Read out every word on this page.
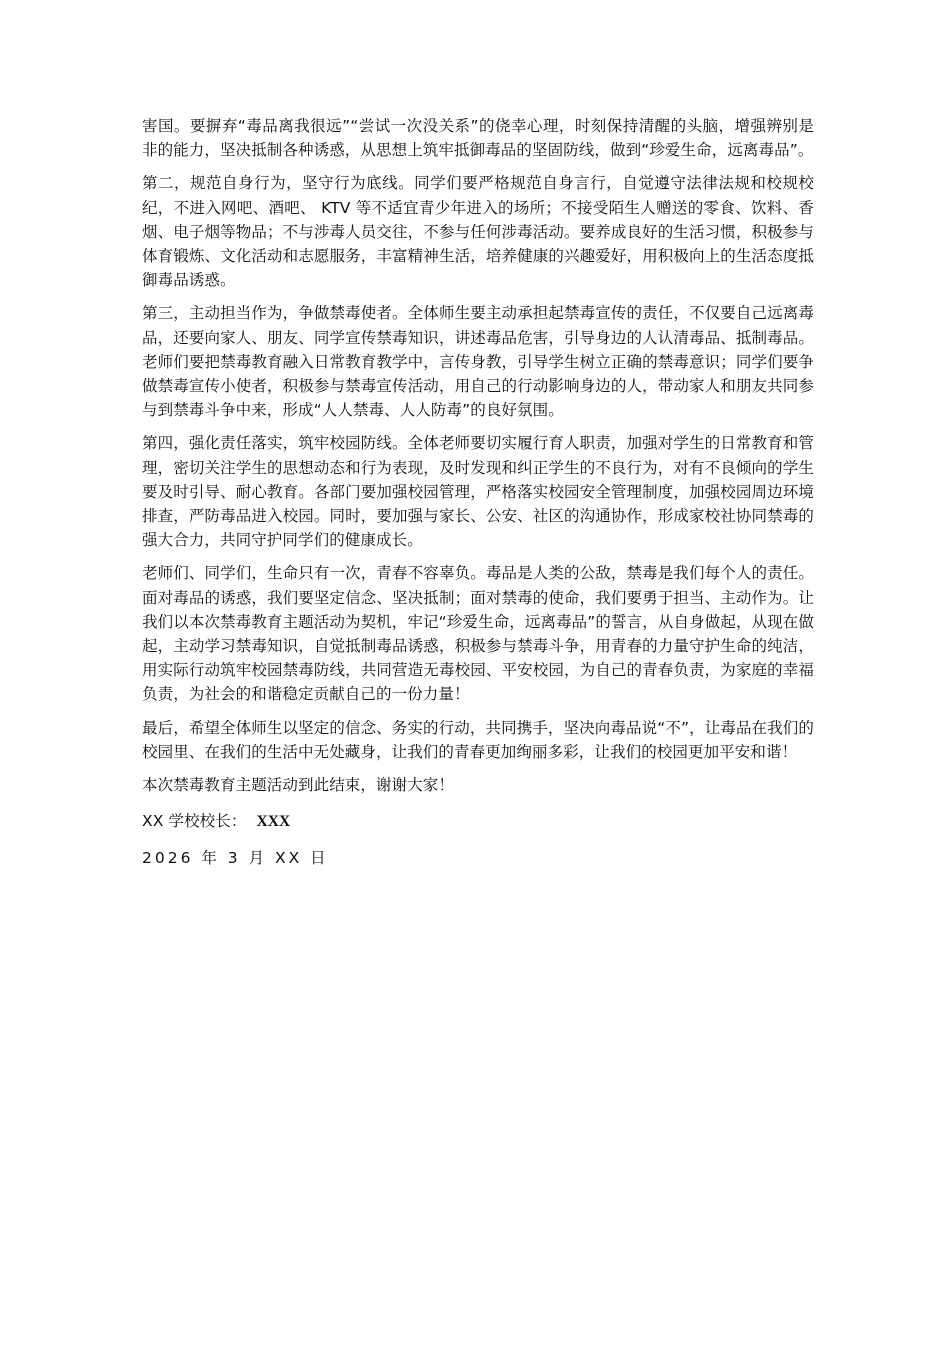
害国。要摒弃“毒品离我很远”“尝试一次没关系”的侥幸心理，时刻保持清醒的头脑，增强辨别是非的能力，坚决抵制各种诱惑，从思想上筑牢抵御毒品的坚固防线，做到“珍爱生命，远离毒品”。

第二，规范自身行为，坚守行为底线。同学们要严格规范自身言行，自觉遵守法律法规和校规校纪，不进入网吧、酒吧、 KTV 等不适宜青少年进入的场所；不接受陌生人赠送的零食、饮料、香烟、电子烟等物品；不与涉毒人员交往，不参与任何涉毒活动。要养成良好的生活习惯，积极参与体育锻炼、文化活动和志愿服务，丰富精神生活，培养健康的兴趣爱好，用积极向上的生活态度抵御毒品诱惑。

第三，主动担当作为，争做禁毒使者。全体师生要主动承担起禁毒宣传的责任，不仅要自己远离毒品，还要向家人、朋友、同学宣传禁毒知识，讲述毒品危害，引导身边的人认清毒品、抵制毒品。老师们要把禁毒教育融入日常教育教学中，言传身教，引导学生树立正确的禁毒意识；同学们要争做禁毒宣传小使者，积极参与禁毒宣传活动，用自己的行动影响身边的人，带动家人和朋友共同参与到禁毒斗争中来，形成“人人禁毒、人人防毒”的良好氛围。

第四，强化责任落实，筑牢校园防线。全体老师要切实履行育人职责，加强对学生的日常教育和管理，密切关注学生的思想动态和行为表现，及时发现和纠正学生的不良行为，对有不良倾向的学生要及时引导、耐心教育。各部门要加强校园管理，严格落实校园安全管理制度，加强校园周边环境排查，严防毒品进入校园。同时，要加强与家长、公安、社区的沟通协作，形成家校社协同禁毒的强大合力，共同守护同学们的健康成长。

老师们、同学们，生命只有一次，青春不容辜负。毒品是人类的公敌，禁毒是我们每个人的责任。面对毒品的诱惑，我们要坚定信念、坚决抵制；面对禁毒的使命，我们要勇于担当、主动作为。让我们以本次禁毒教育主题活动为契机，牢记“珍爱生命，远离毒品”的誓言，从自身做起，从现在做起，主动学习禁毒知识，自觉抵制毒品诱惑，积极参与禁毒斗争，用青春的力量守护生命的纯洁，用实际行动筑牢校园禁毒防线，共同营造无毒校园、平安校园，为自己的青春负责，为家庭的幸福负责，为社会的和谐稳定贡献自己的一份力量！

最后，希望全体师生以坚定的信念、务实的行动，共同携手，坚决向毒品说“不”，让毒品在我们的校园里、在我们的生活中无处藏身，让我们的青春更加绚丽多彩，让我们的校园更加平安和谐！

本次禁毒教育主题活动到此结束，谢谢大家！

XX 学校校长： XXX

2026 年 3 月 XX 日
